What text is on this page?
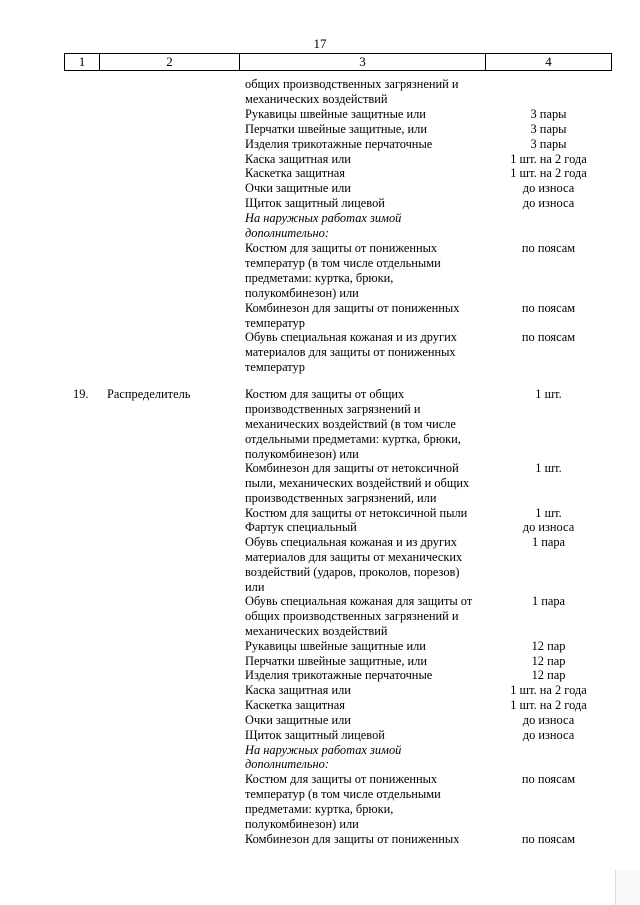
17
1	2	3	4
общих производственных загрязнений и
механических воздействий
Рукавицы швейные защитные или	3 пары
Перчатки швейные защитные, или	3 пары
Изделия трикотажные перчаточные	3 пары
Каска защитная или	1 шт. на 2 года
Каскетка защитная	1 шт. на 2 года
Очки защитные или	до износа
Щиток защитный лицевой	до износа
На наружных работах зимой
дополнительно:
Костюм для защиты от пониженных	по поясам
температур (в том числе отдельными
предметами: куртка, брюки,
полукомбинезон) или
Комбинезон для защиты от пониженных	по поясам
температур
Обувь специальная кожаная и из других	по поясам
материалов для защиты от пониженных
температур
19. Распределитель	Костюм для защиты от общих	1 шт.
производственных загрязнений и
механических воздействий (в том числе
отдельными предметами: куртка, брюки,
полукомбинезон) или
Комбинезон для защиты от нетоксичной	1 шт.
пыли, механических воздействий и общих
производственных загрязнений, или
Костюм для защиты от нетоксичной пыли	1 шт.
Фартук специальный	до износа
Обувь специальная кожаная и из других	1 пара
материалов для защиты от механических
воздействий (ударов, проколов, порезов)
или
Обувь специальная кожаная для защиты от	1 пара
общих производственных загрязнений и
механических воздействий
Рукавицы швейные защитные или	12 пар
Перчатки швейные защитные, или	12 пар
Изделия трикотажные перчаточные	12 пар
Каска защитная или	1 шт. на 2 года
Каскетка защитная	1 шт. на 2 года
Очки защитные или	до износа
Щиток защитный лицевой	до износа
На наружных работах зимой
дополнительно:
Костюм для защиты от пониженных	по поясам
температур (в том числе отдельными
предметами: куртка, брюки,
полукомбинезон) или
Комбинезон для защиты от пониженных	по поясам
